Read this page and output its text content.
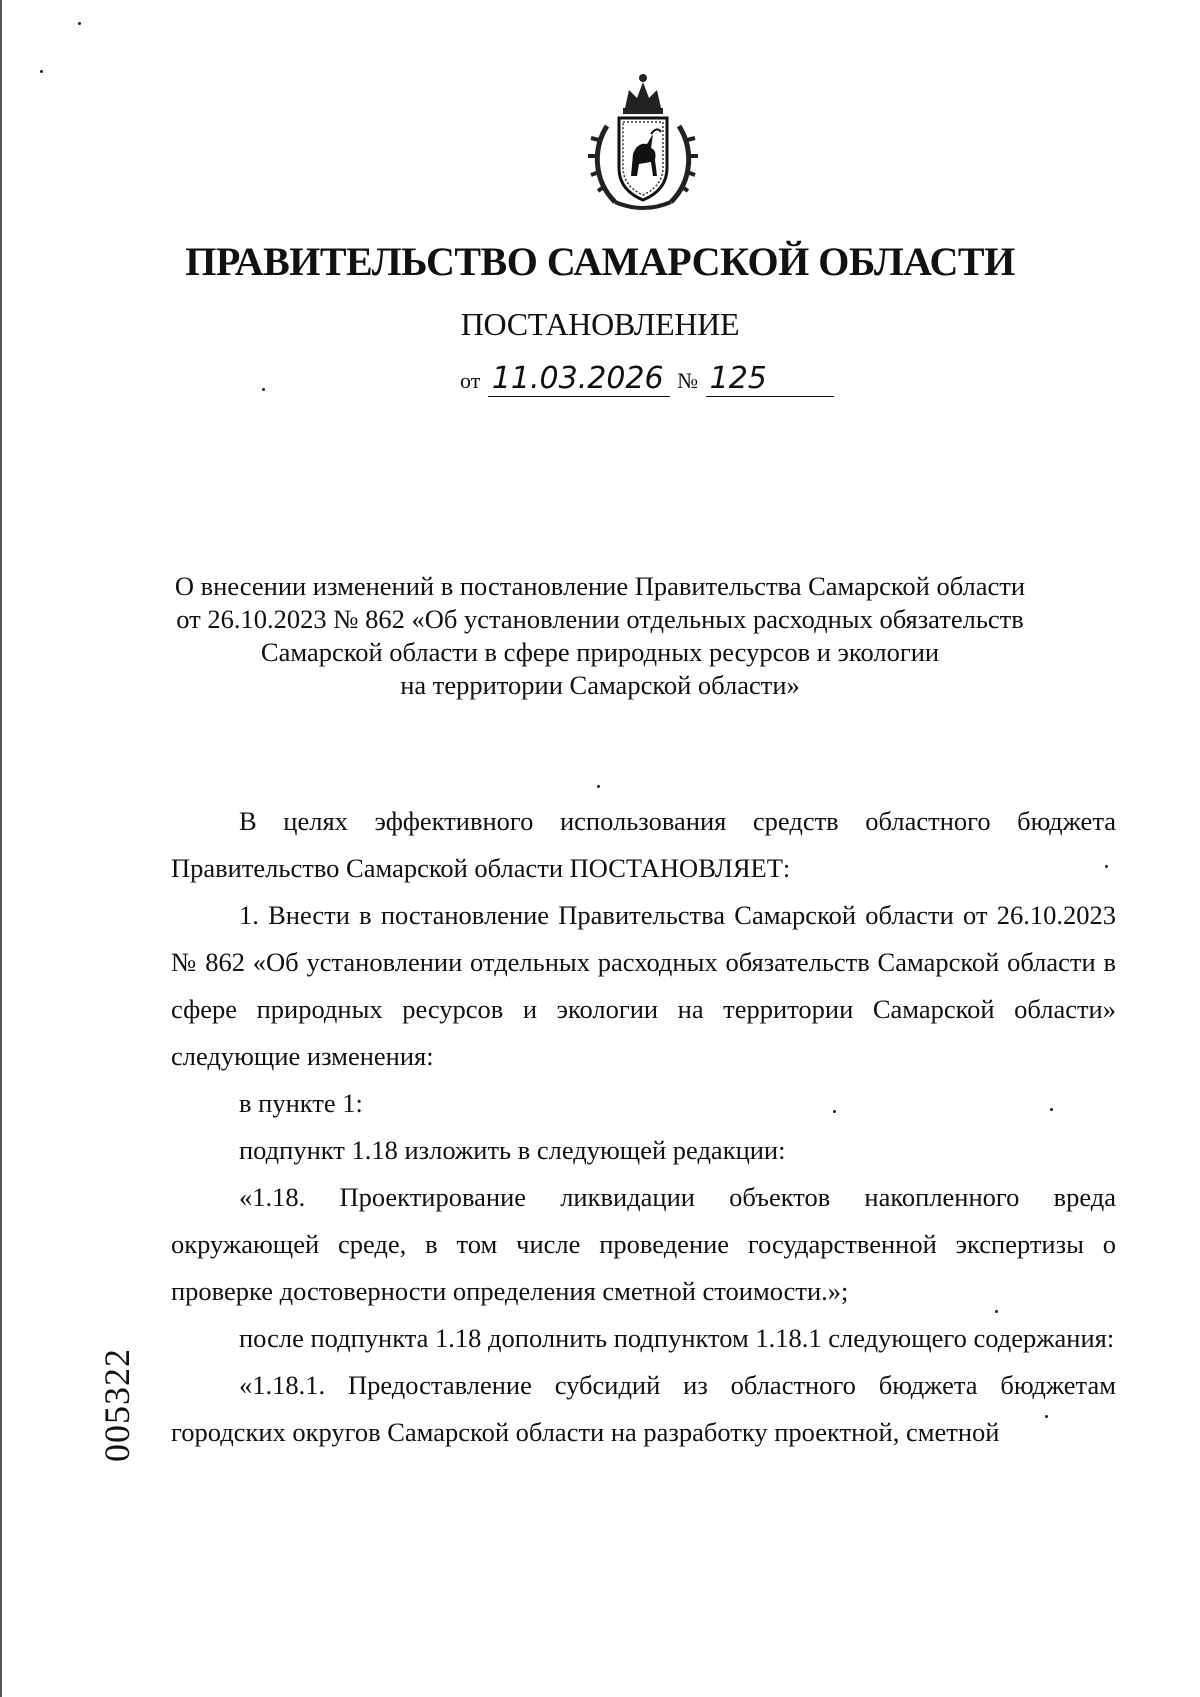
ПРАВИТЕЛЬСТВО САМАРСКОЙ ОБЛАСТИ
ПОСТАНОВЛЕНИЕ
от 11.03.2026 № 125
О внесении изменений в постановление Правительства Самарской области
от 26.10.2023 № 862 «Об установлении отдельных расходных обязательств
Самарской области в сфере природных ресурсов и экологии
на территории Самарской области»

В целях эффективного использования средств областного бюджета Правительство Самарской области ПОСТАНОВЛЯЕТ:

1. Внести в постановление Правительства Самарской области от 26.10.2023 № 862 «Об установлении отдельных расходных обязательств Самарской области в сфере природных ресурсов и экологии на территории Самарской области» следующие изменения:

в пункте 1:

подпункт 1.18 изложить в следующей редакции:

«1.18. Проектирование ликвидации объектов накопленного вреда окружающей среде, в том числе проведение государственной экспертизы о проверке достоверности определения сметной стоимости.»;

после подпункта 1.18 дополнить подпунктом 1.18.1 следующего содержания:

«1.18.1. Предоставление субсидий из областного бюджета бюджетам городских округов Самарской области на разработку проектной, сметной

005322
